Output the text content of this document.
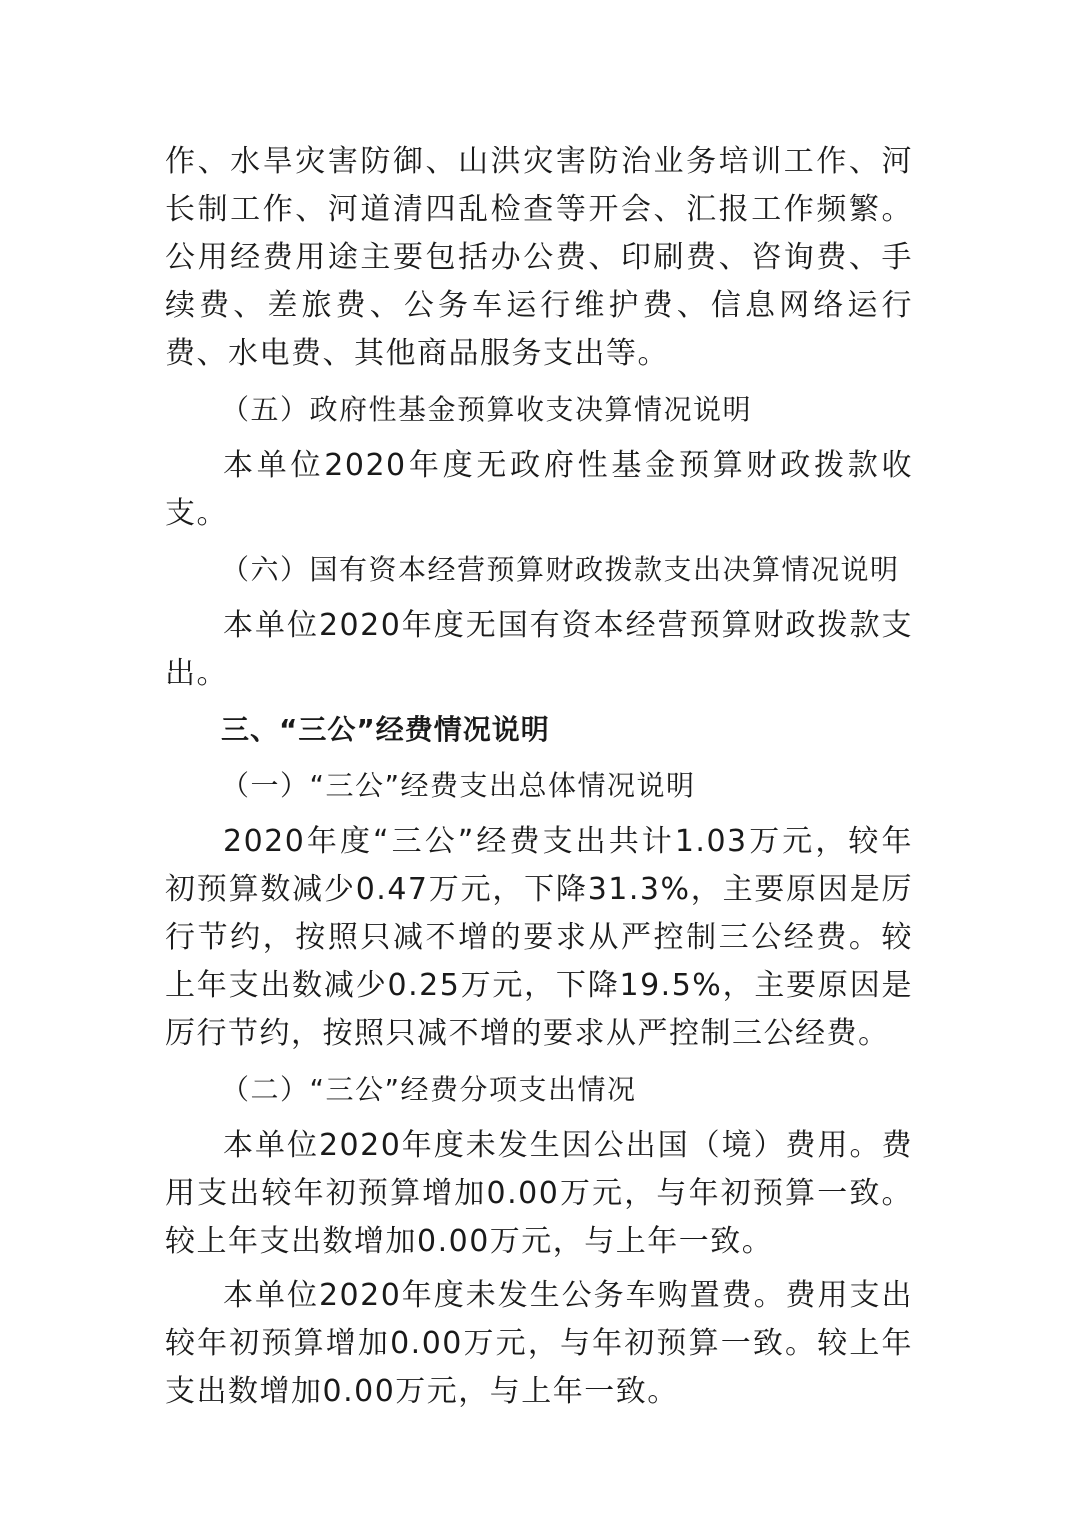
作、水旱灾害防御、山洪灾害防治业务培训工作、河长制工作、河道清四乱检查等开会、汇报工作频繁。公用经费用途主要包括办公费、印刷费、咨询费、手续费、差旅费、公务车运行维护费、信息网络运行费、水电费、其他商品服务支出等。

（五）政府性基金预算收支决算情况说明

本单位2020年度无政府性基金预算财政拨款收支。

（六）国有资本经营预算财政拨款支出决算情况说明

本单位2020年度无国有资本经营预算财政拨款支出。

三、“三公”经费情况说明
（一）“三公”经费支出总体情况说明

2020年度“三公”经费支出共计1.03万元，较年初预算数减少0.47万元，下降31.3%，主要原因是厉行节约，按照只减不增的要求从严控制三公经费。较上年支出数减少0.25万元，下降19.5%，主要原因是厉行节约，按照只减不增的要求从严控制三公经费。

（二）“三公”经费分项支出情况

本单位2020年度未发生因公出国（境）费用。费用支出较年初预算增加0.00万元，与年初预算一致。较上年支出数增加0.00万元，与上年一致。

本单位2020年度未发生公务车购置费。费用支出较年初预算增加0.00万元，与年初预算一致。较上年支出数增加0.00万元，与上年一致。
